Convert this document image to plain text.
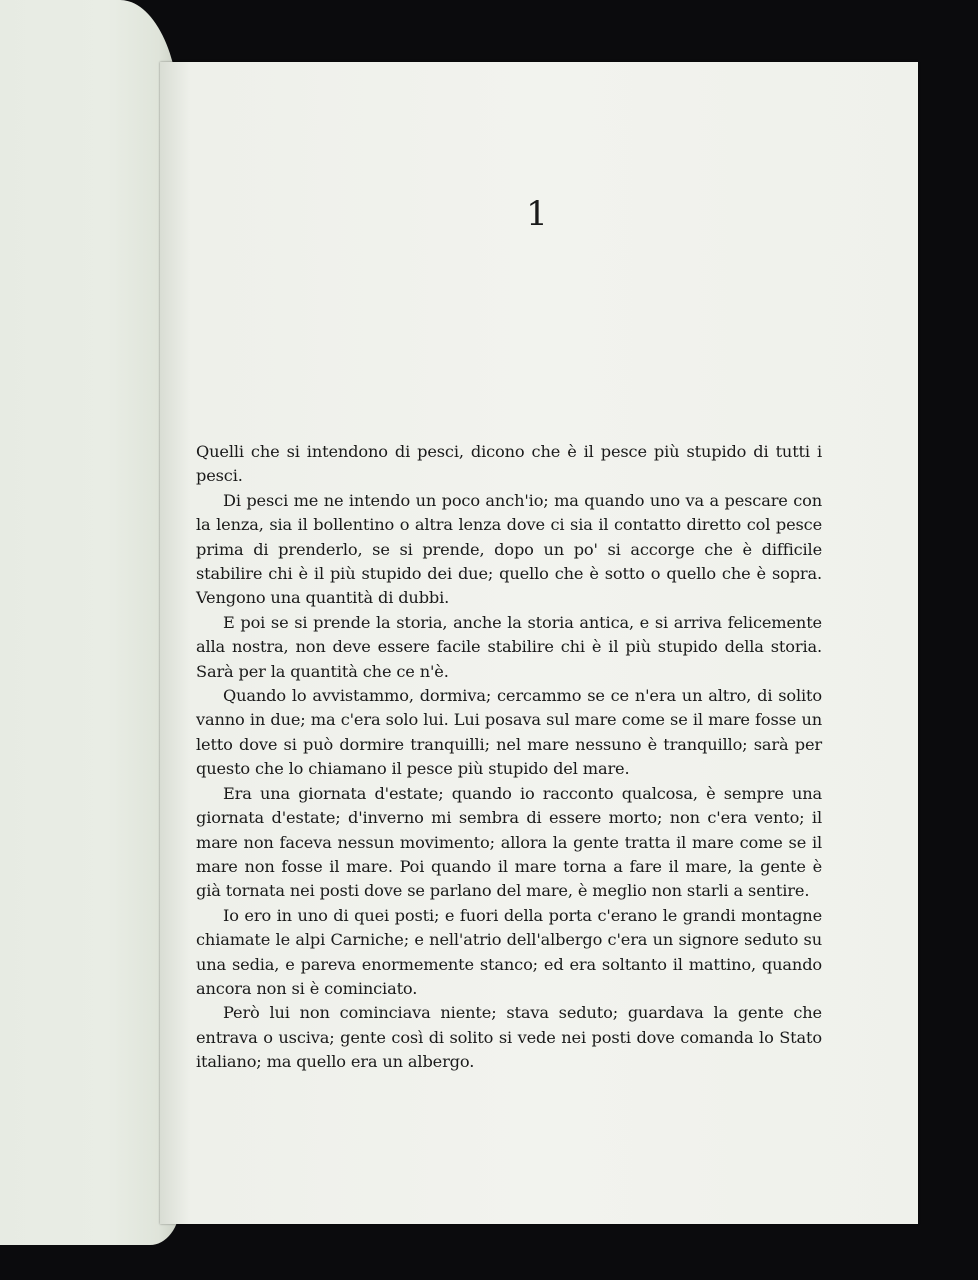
1

Quelli che si intendono di pesci, dicono che è il pesce più stupido di tutti i pesci.

Di pesci me ne intendo un poco anch'io; ma quando uno va a pescare con la lenza, sia il bollentino o altra lenza dove ci sia il contatto diretto col pesce prima di prenderlo, se si prende, dopo un po' si accorge che è difficile stabilire chi è il più stupido dei due; quello che è sotto o quello che è sopra. Vengono una quantità di dubbi.

E poi se si prende la storia, anche la storia antica, e si arriva felicemente alla nostra, non deve essere facile stabilire chi è il più stupido della storia. Sarà per la quantità che ce n'è.

Quando lo avvistammo, dormiva; cercammo se ce n'era un altro, di solito vanno in due; ma c'era solo lui. Lui posava sul mare come se il mare fosse un letto dove si può dormire tranquilli; nel mare nessuno è tranquillo; sarà per questo che lo chiamano il pesce più stupido del mare.

Era una giornata d'estate; quando io racconto qualcosa, è sempre una giornata d'estate; d'inverno mi sembra di essere morto; non c'era vento; il mare non faceva nessun movimento; allora la gente tratta il mare come se il mare non fosse il mare. Poi quando il mare torna a fare il mare, la gente è già tornata nei posti dove se parlano del mare, è meglio non starli a sentire.

Io ero in uno di quei posti; e fuori della porta c'erano le grandi montagne chiamate le alpi Carniche; e nell'atrio dell'albergo c'era un signore seduto su una sedia, e pareva enormemente stanco; ed era soltanto il mattino, quando ancora non si è cominciato.

Però lui non cominciava niente; stava seduto; guardava la gente che entrava o usciva; gente così di solito si vede nei posti dove comanda lo Stato italiano; ma quello era un albergo.
